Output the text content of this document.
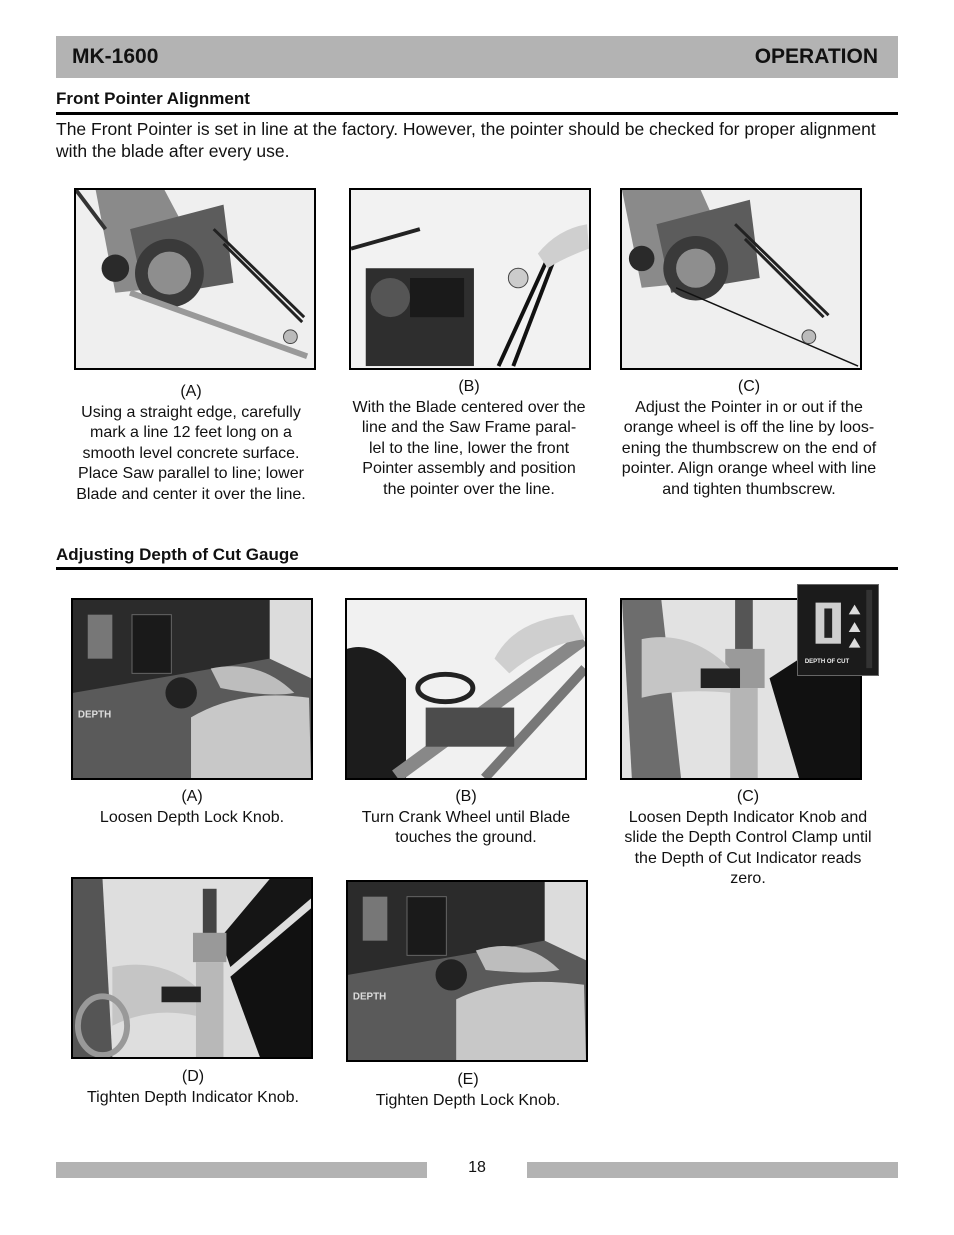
MK-1600	OPERATION
Front Pointer Alignment
The Front Pointer is set in line at the factory. However, the pointer should be checked for proper alignment with the blade after every use.
(A)
Using a straight edge, carefully
mark a line 12 feet long on a
smooth level concrete surface.
Place Saw parallel to line; lower
Blade and center it over the line.
(B)
With the Blade centered over the
line and the Saw Frame paral-
lel to the line, lower the front
Pointer assembly and position
the pointer over the line.
(C)
Adjust the Pointer in or out if the
orange wheel is off the line by loos-
ening the thumbscrew on the end of
pointer. Align orange wheel with line
and tighten thumbscrew.
Adjusting Depth of Cut Gauge
DEPTH
DEPTH OF CUT
(A)
Loosen Depth Lock Knob.
(B)
Turn Crank Wheel until Blade
touches the ground.
(C)
Loosen Depth Indicator Knob and
slide the Depth Control Clamp until
the Depth of Cut Indicator reads
zero.
DEPTH
(D)
Tighten Depth Indicator Knob.
(E)
Tighten Depth Lock Knob.
18
